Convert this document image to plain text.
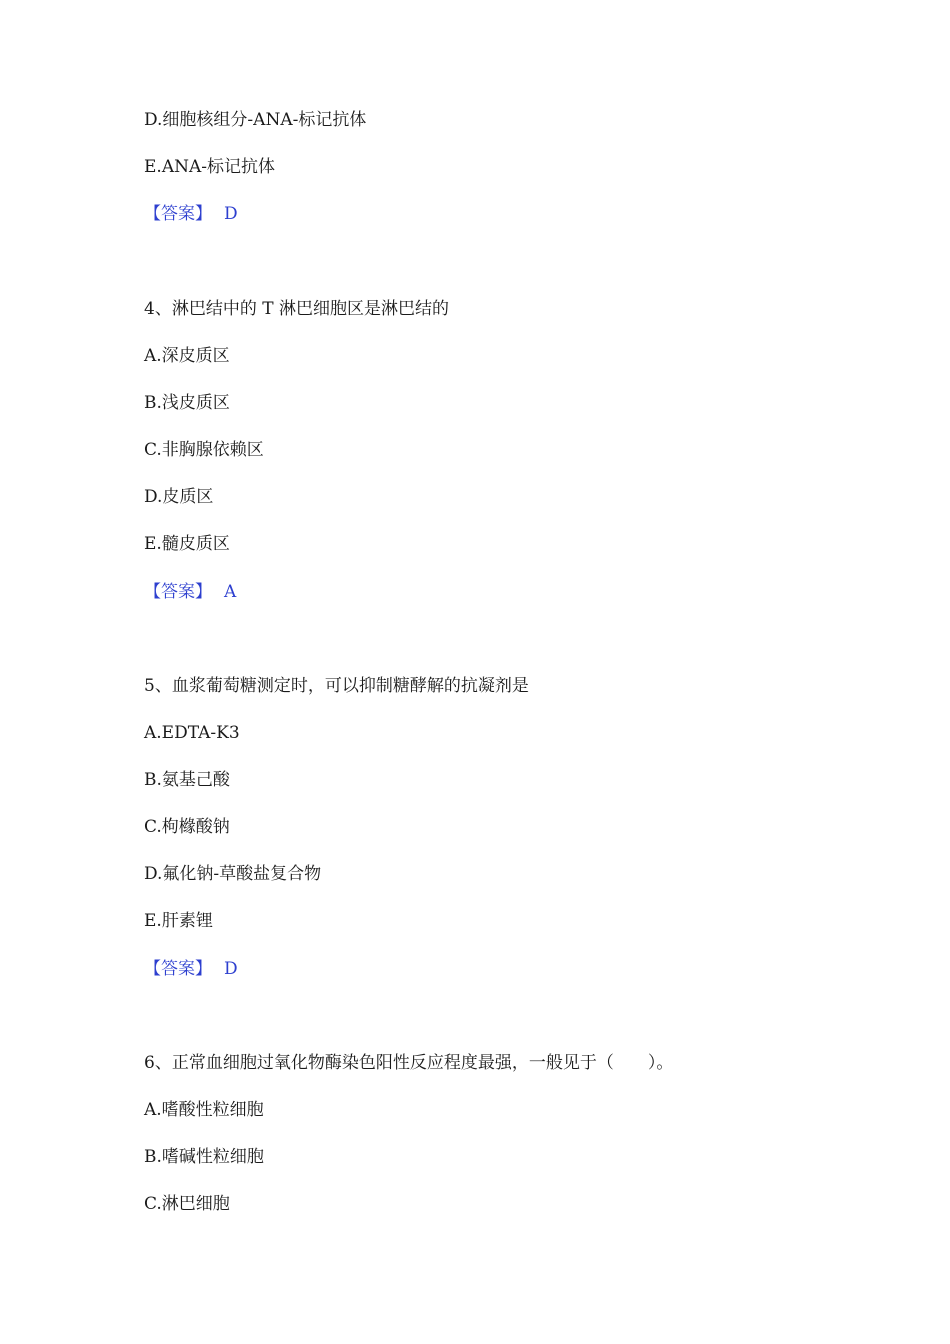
D.细胞核组分-ANA-标记抗体
E.ANA-标记抗体
【答案】 D
4、淋巴结中的 T 淋巴细胞区是淋巴结的
A.深皮质区
B.浅皮质区
C.非胸腺依赖区
D.皮质区
E.髓皮质区
【答案】 A
5、血浆葡萄糖测定时，可以抑制糖酵解的抗凝剂是
A.EDTA-K3
B.氨基己酸
C.枸橼酸钠
D.氟化钠-草酸盐复合物
E.肝素锂
【答案】 D
6、正常血细胞过氧化物酶染色阳性反应程度最强，一般见于（　　）。
A.嗜酸性粒细胞
B.嗜碱性粒细胞
C.淋巴细胞
